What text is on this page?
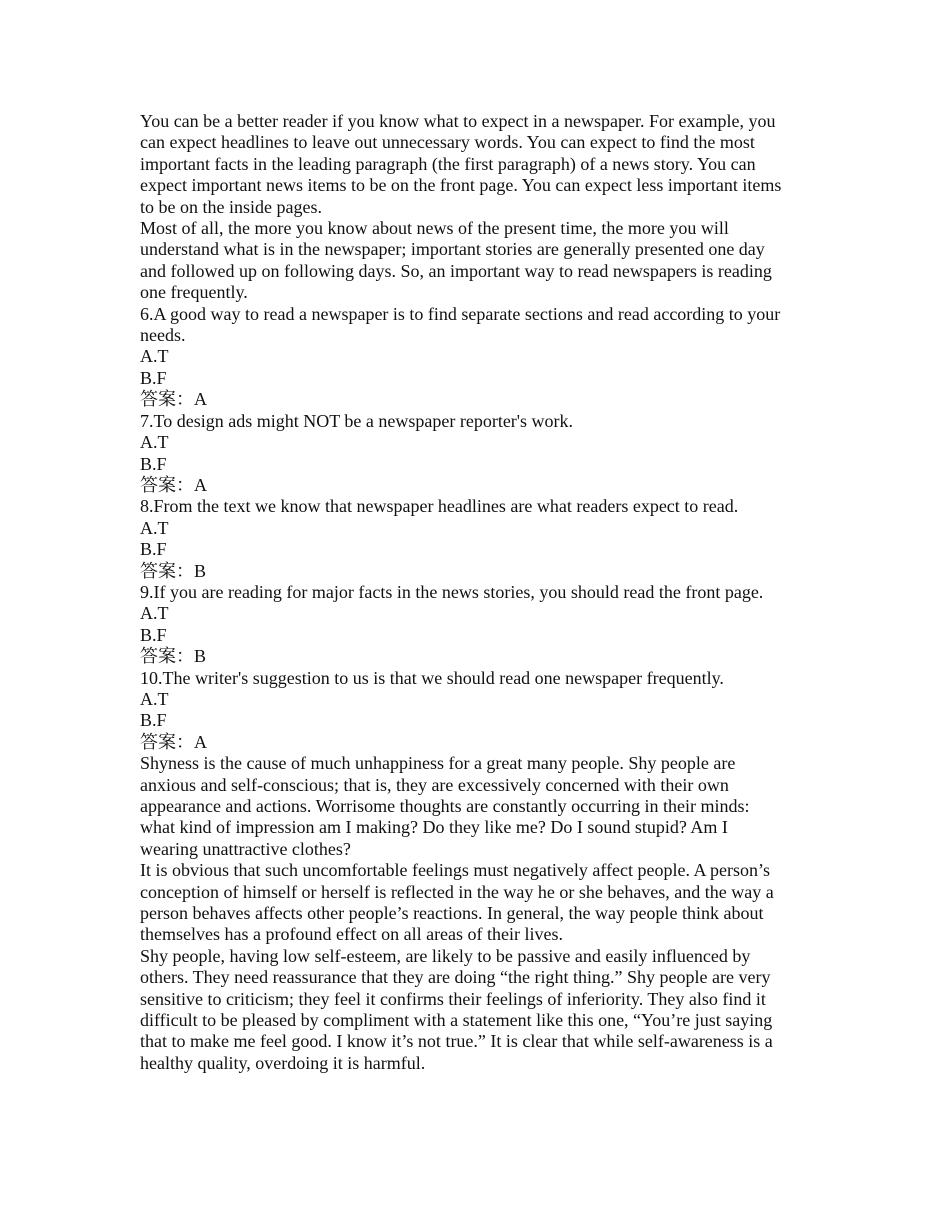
You can be a better reader if you know what to expect in a newspaper. For example, you
can expect headlines to leave out unnecessary words. You can expect to find the most
important facts in the leading paragraph (the first paragraph) of a news story. You can
expect important news items to be on the front page. You can expect less important items
to be on the inside pages.
Most of all, the more you know about news of the present time, the more you will
understand what is in the newspaper; important stories are generally presented one day
and followed up on following days. So, an important way to read newspapers is reading
one frequently.
6.A good way to read a newspaper is to find separate sections and read according to your
needs.
A.T
B.F
答案：A
7.To design ads might NOT be a newspaper reporter's work.
A.T
B.F
答案：A
8.From the text we know that newspaper headlines are what readers expect to read.
A.T
B.F
答案：B
9.If you are reading for major facts in the news stories, you should read the front page.
A.T
B.F
答案：B
10.The writer's suggestion to us is that we should read one newspaper frequently.
A.T
B.F
答案：A
Shyness is the cause of much unhappiness for a great many people. Shy people are
anxious and self-conscious; that is, they are excessively concerned with their own
appearance and actions. Worrisome thoughts are constantly occurring in their minds:
what kind of impression am I making? Do they like me? Do I sound stupid? Am I
wearing unattractive clothes?
It is obvious that such uncomfortable feelings must negatively affect people. A person’s
conception of himself or herself is reflected in the way he or she behaves, and the way a
person behaves affects other people’s reactions. In general, the way people think about
themselves has a profound effect on all areas of their lives.
Shy people, having low self-esteem, are likely to be passive and easily influenced by
others. They need reassurance that they are doing “the right thing.” Shy people are very
sensitive to criticism; they feel it confirms their feelings of inferiority. They also find it
difficult to be pleased by compliment with a statement like this one, “You’re just saying
that to make me feel good. I know it’s not true.” It is clear that while self-awareness is a
healthy quality, overdoing it is harmful.
